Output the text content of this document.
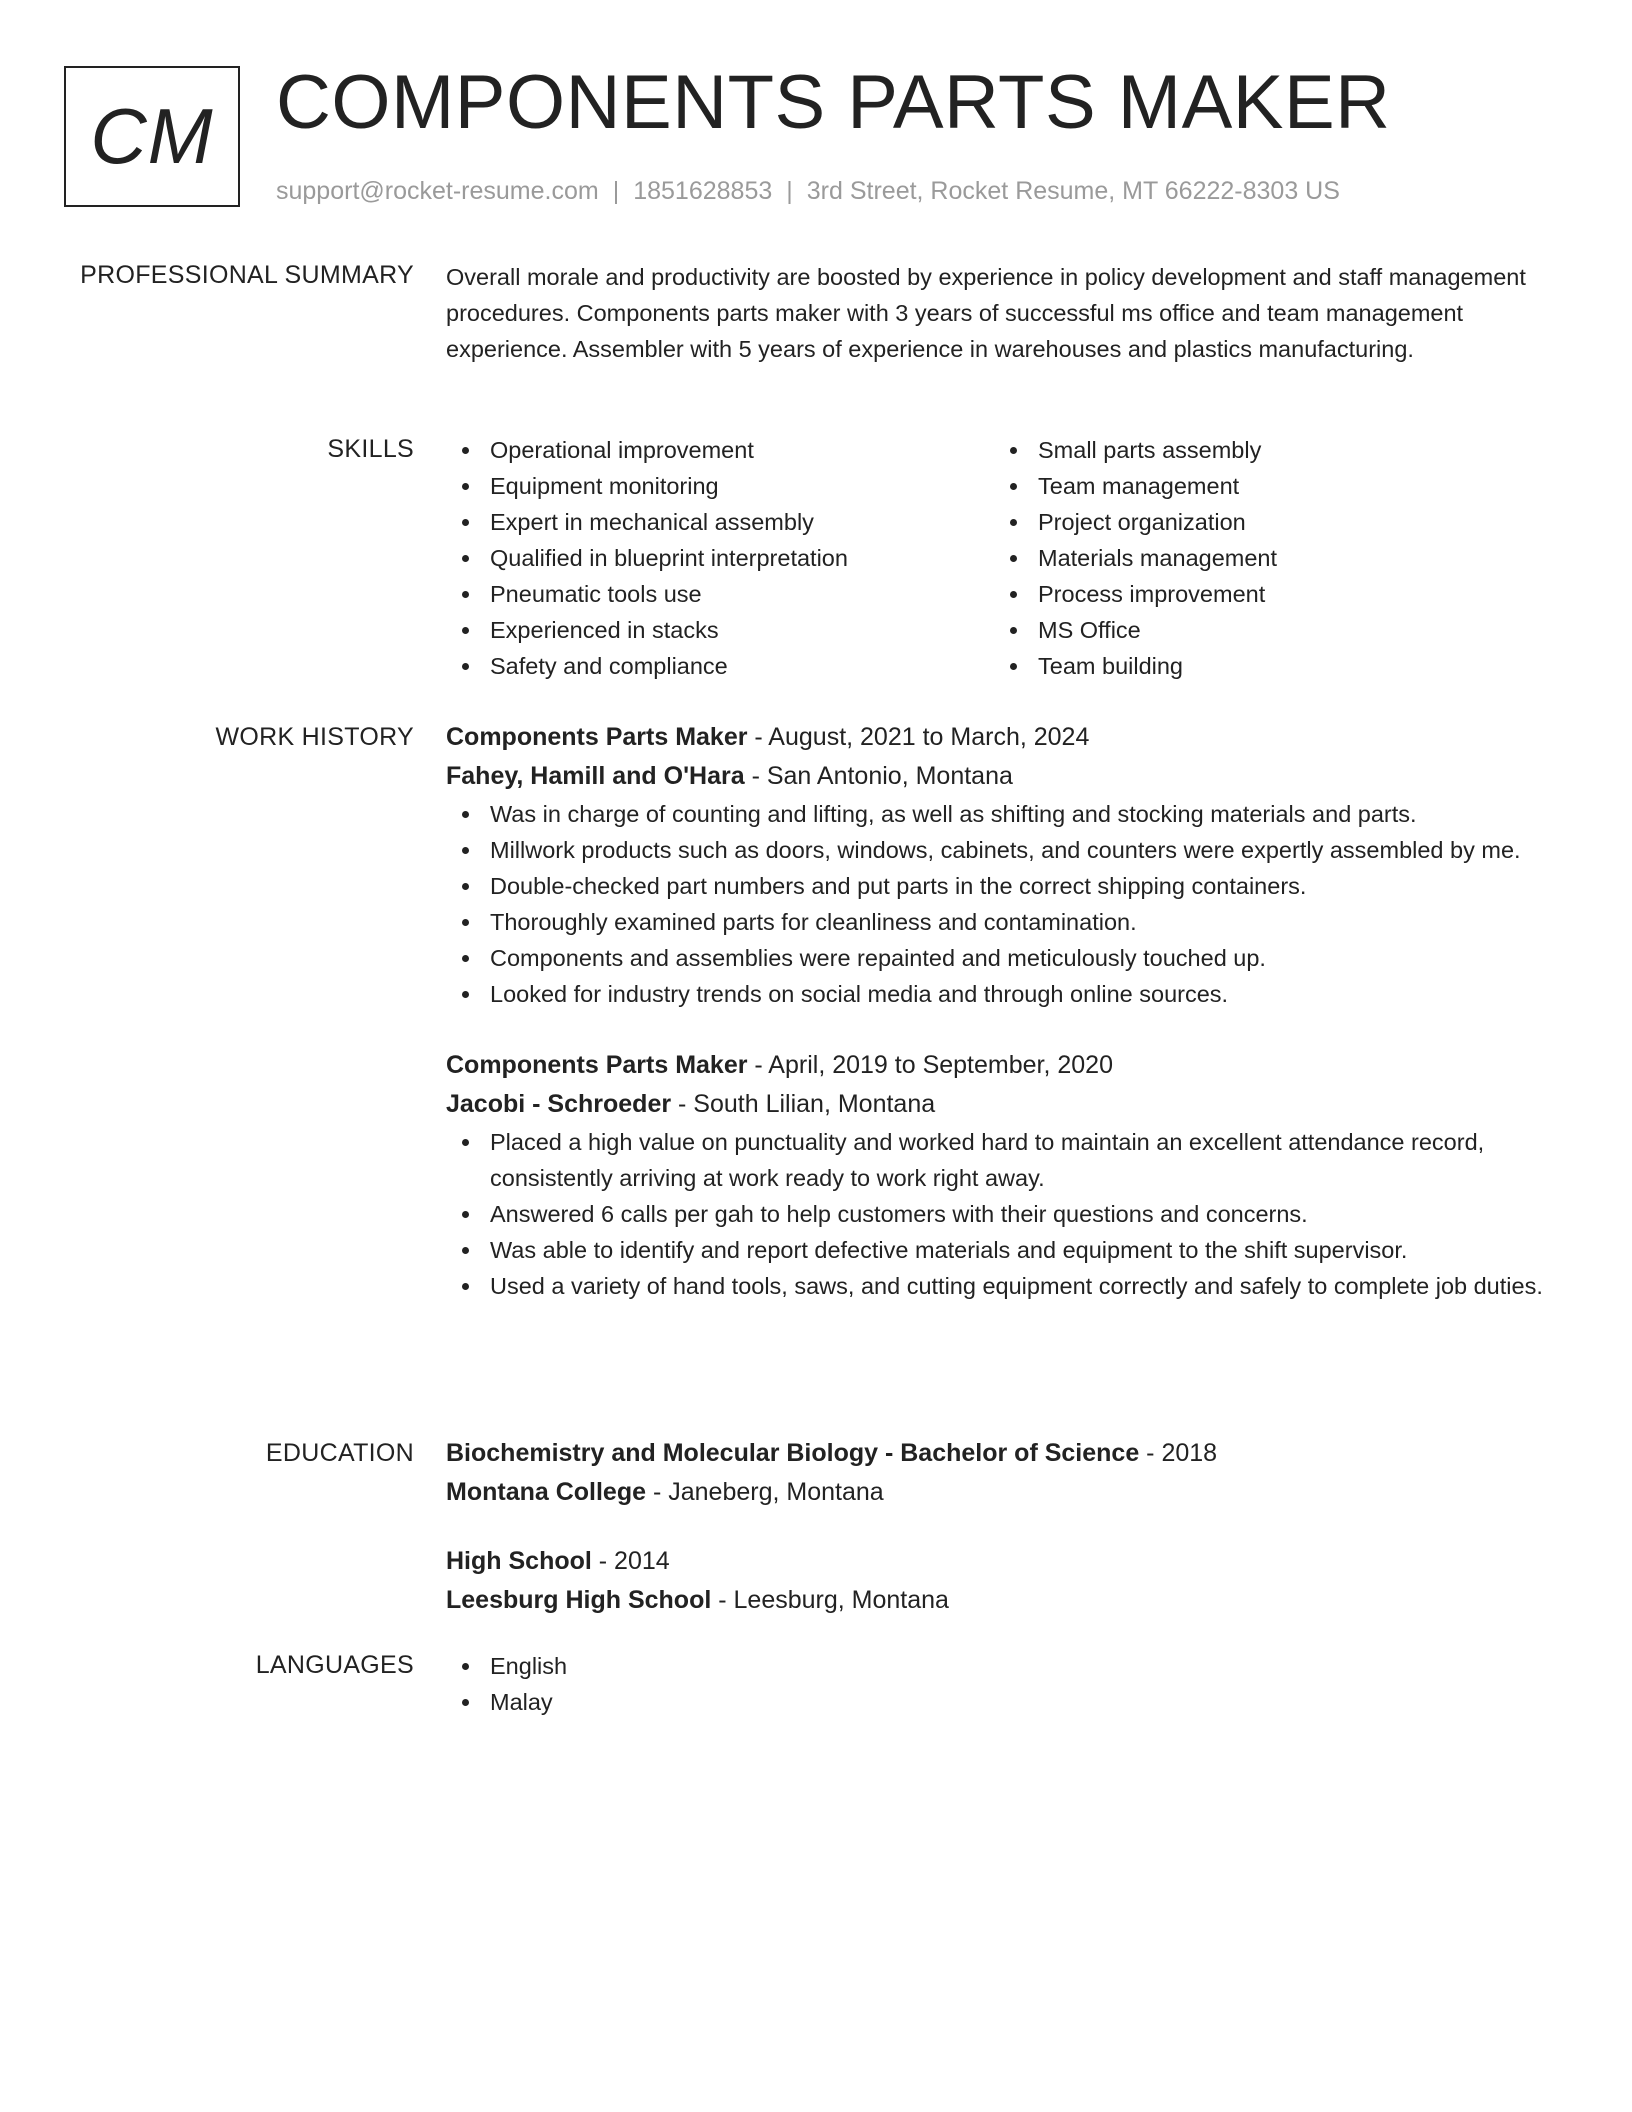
CM COMPONENTS PARTS MAKER
support@rocket-resume.com | 1851628853 | 3rd Street, Rocket Resume, MT 66222-8303 US
PROFESSIONAL SUMMARY Overall morale and productivity are boosted by experience in policy development and staff management procedures. Components parts maker with 3 years of successful ms office and team management experience. Assembler with 5 years of experience in warehouses and plastics manufacturing.

SKILLS	Operational improvement
Equipment monitoring
Expert in mechanical assembly
Qualified in blueprint interpretation
Pneumatic tools use
Experienced in stacks
Safety and compliance
Small parts assembly
Team management
Project organization
Materials management
Process improvement
MS Office
Team building
WORK HISTORY Components Parts Maker - August, 2021 to March, 2024
Fahey, Hamill and O'Hara - San Antonio, Montana
Was in charge of counting and lifting, as well as shifting and stocking materials and parts.
Millwork products such as doors, windows, cabinets, and counters were expertly assembled by me.
Double-checked part numbers and put parts in the correct shipping containers.
Thoroughly examined parts for cleanliness and contamination.
Components and assemblies were repainted and meticulously touched up.
Looked for industry trends on social media and through online sources.
Components Parts Maker - April, 2019 to September, 2020
Jacobi - Schroeder - South Lilian, Montana
Placed a high value on punctuality and worked hard to maintain an excellent attendance record, consistently arriving at work ready to work right away.
Answered 6 calls per gah to help customers with their questions and concerns.
Was able to identify and report defective materials and equipment to the shift supervisor.
Used a variety of hand tools, saws, and cutting equipment correctly and safely to complete job duties.
EDUCATION Biochemistry and Molecular Biology - Bachelor of Science - 2018
Montana College - Janeberg, Montana
High School - 2014
Leesburg High School - Leesburg, Montana
LANGUAGES	English
Malay
